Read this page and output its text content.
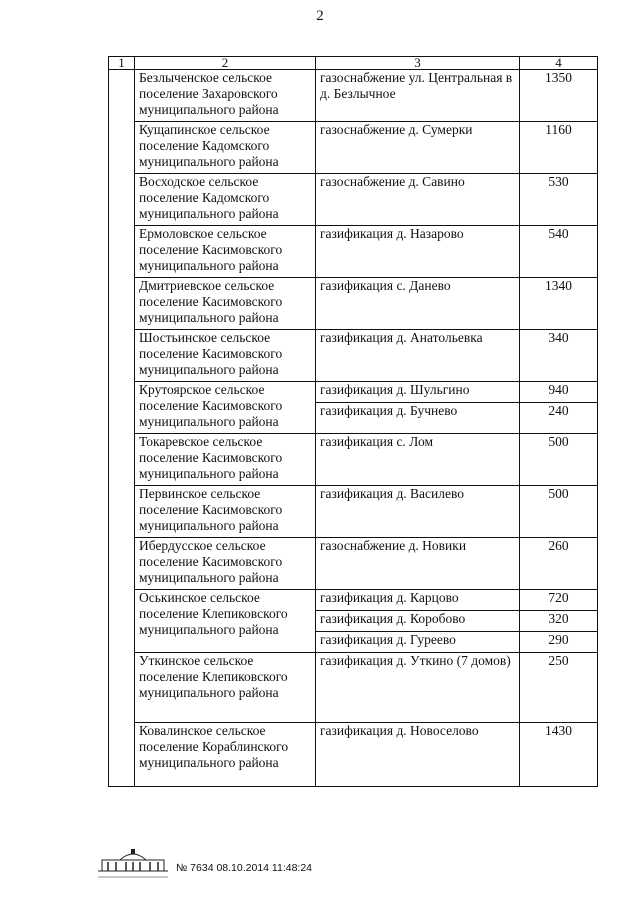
2
1	2	3	4
	Безлыченское сельское поселение Захаровского муниципального района	газоснабжение ул. Центральная в д. Безлычное	1350
	Кущапинское сельское поселение Кадомского муниципального района	газоснабжение д. Сумерки	1160
	Восходское сельское поселение Кадомского муниципального района	газоснабжение д. Савино	530
	Ермоловское сельское поселение Касимовского муниципального района	газификация д. Назарово	540
	Дмитриевское сельское поселение Касимовского муниципального района	газификация с. Данево	1340
	Шостьинское сельское поселение Касимовского муниципального района	газификация д. Анатольевка	340
	Крутоярское сельское поселение Касимовского муниципального района	газификация д. Шульгино	940
		газификация д. Бучнево	240
	Токаревское сельское поселение Касимовского муниципального района	газификация с. Лом	500
	Первинское сельское поселение Касимовского муниципального района	газификация д. Василево	500
	Ибердусское сельское поселение Касимовского муниципального района	газоснабжение д. Новики	260
	Оськинское сельское поселение Клепиковского муниципального района	газификация д. Карцово	720
		газификация д. Коробово	320
		газификация д. Гуреево	290
	Уткинское сельское поселение Клепиковского муниципального района	газификация д. Уткино (7 домов)	250
	Ковалинское сельское поселение Кораблинского муниципального района	газификация д. Новоселово	1430
№ 7634 08.10.2014 11:48:24
